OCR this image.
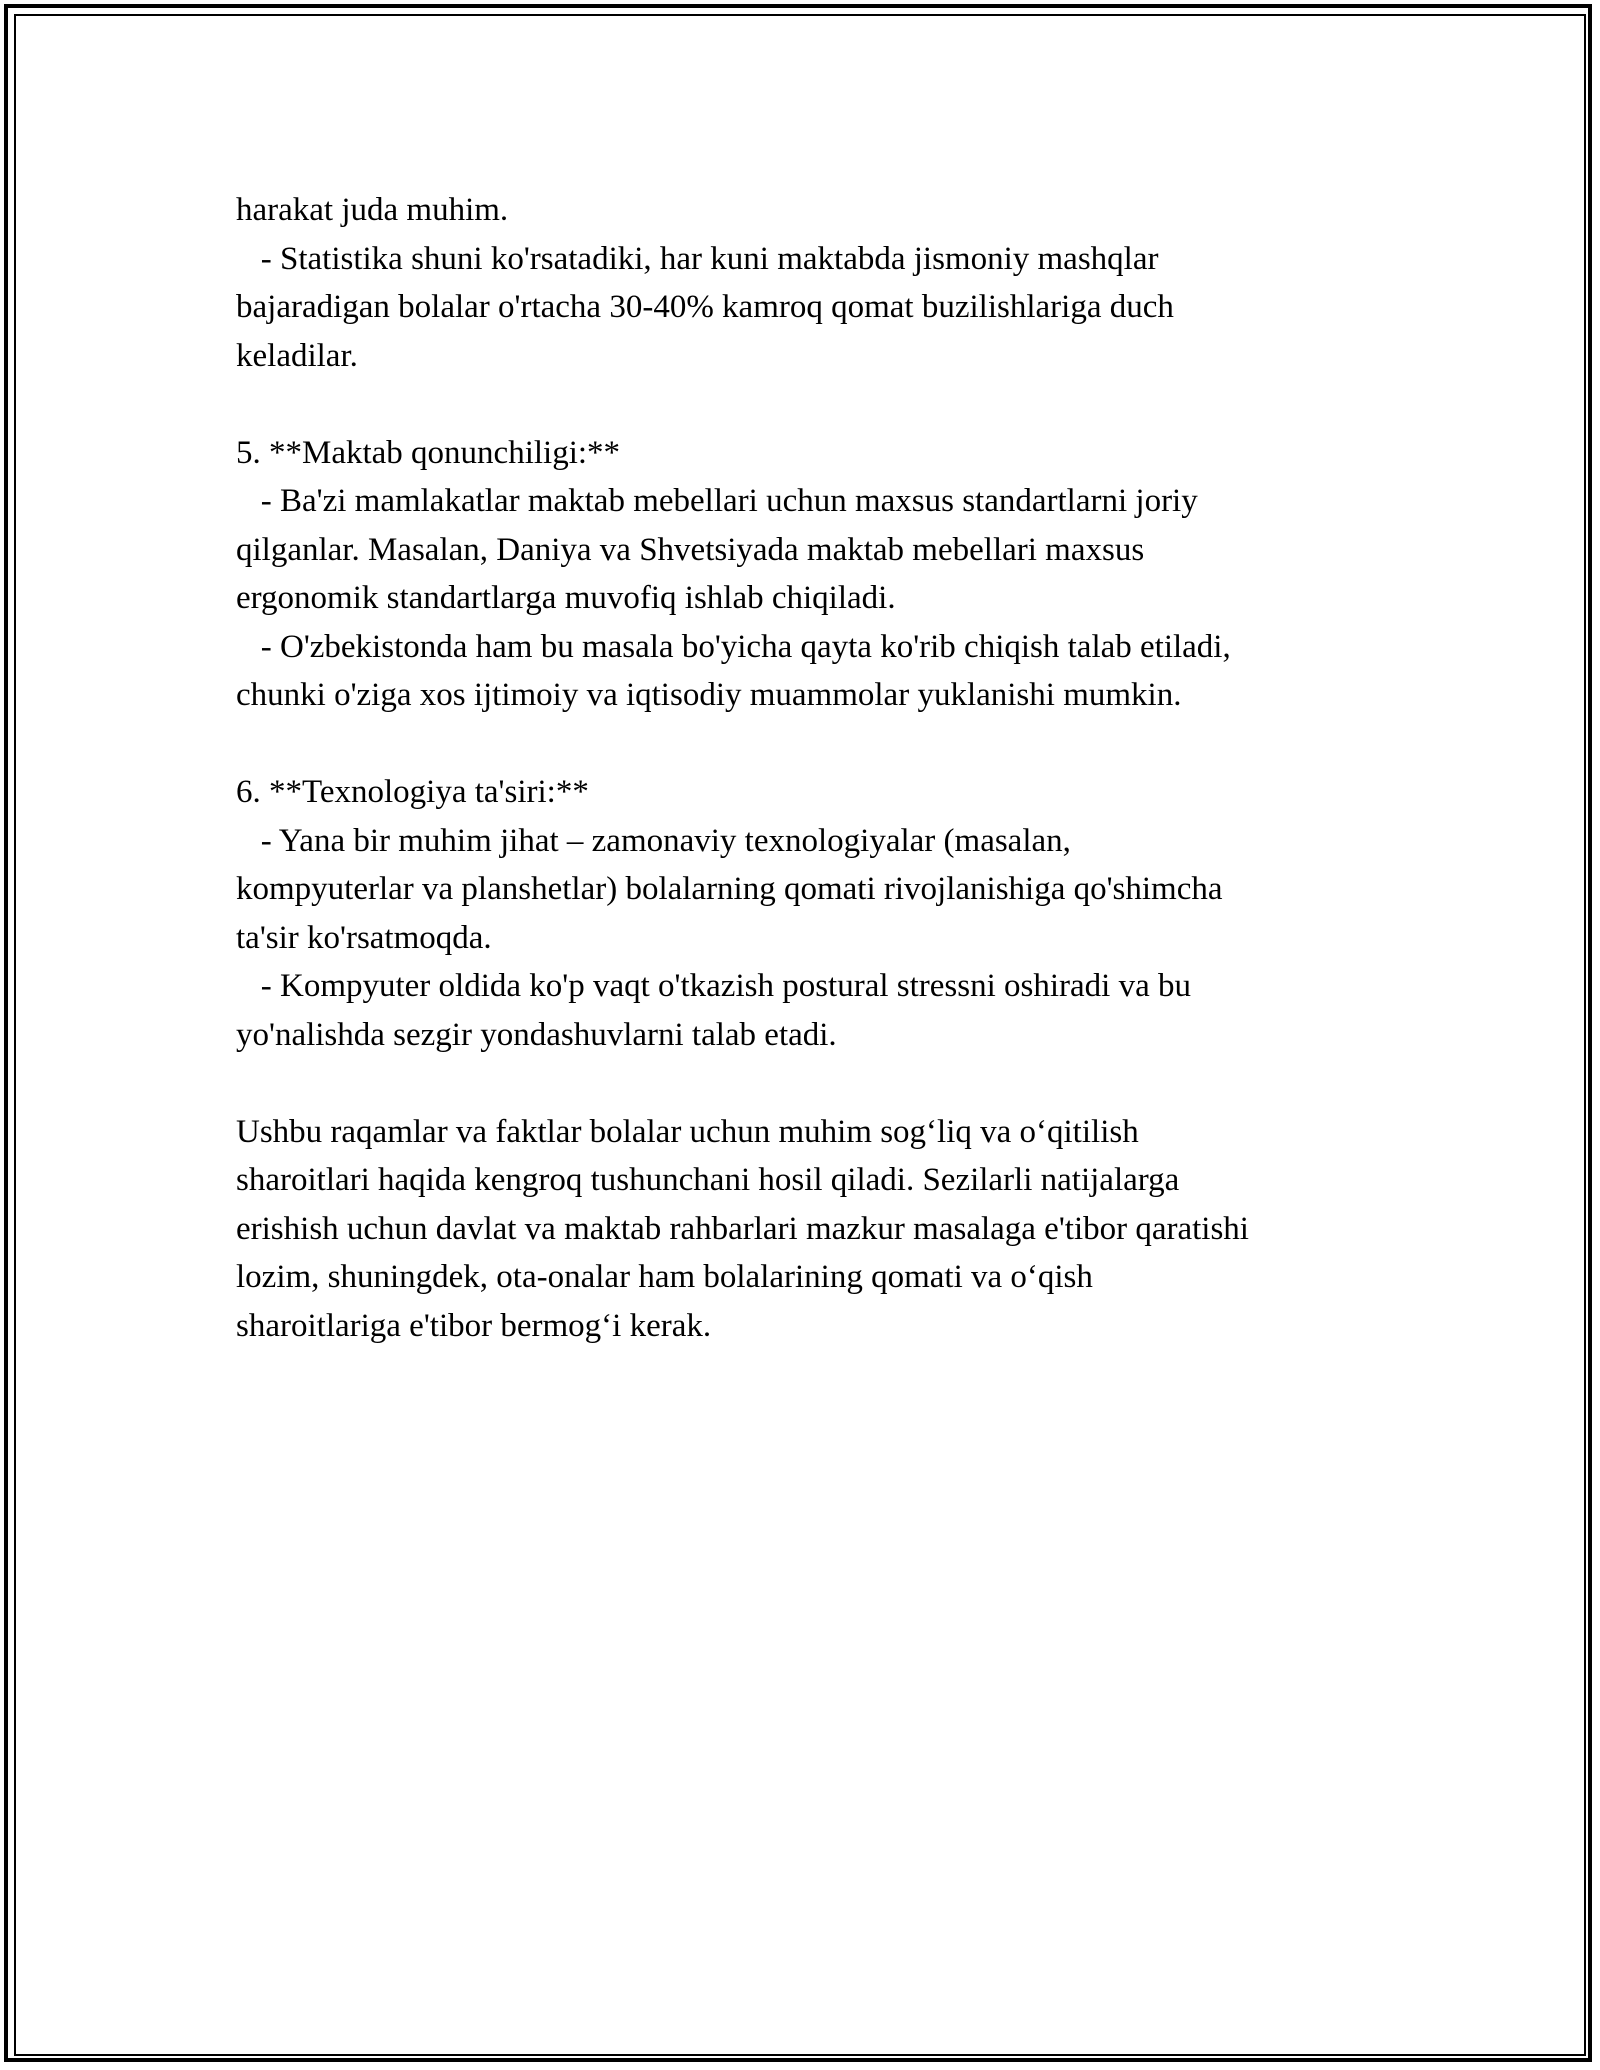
harakat juda muhim.
- Statistika shuni ko'rsatadiki, har kuni maktabda jismoniy mashqlar
bajaradigan bolalar o'rtacha 30-40% kamroq qomat buzilishlariga duch
keladilar.
5. **Maktab qonunchiligi:**
- Ba'zi mamlakatlar maktab mebellari uchun maxsus standartlarni joriy
qilganlar. Masalan, Daniya va Shvetsiyada maktab mebellari maxsus
ergonomik standartlarga muvofiq ishlab chiqiladi.
- O'zbekistonda ham bu masala bo'yicha qayta ko'rib chiqish talab etiladi,
chunki o'ziga xos ijtimoiy va iqtisodiy muammolar yuklanishi mumkin.
6. **Texnologiya ta'siri:**
- Yana bir muhim jihat – zamonaviy texnologiyalar (masalan,
kompyuterlar va planshetlar) bolalarning qomati rivojlanishiga qo'shimcha
ta'sir ko'rsatmoqda.
- Kompyuter oldida ko'p vaqt o'tkazish postural stressni oshiradi va bu
yo'nalishda sezgir yondashuvlarni talab etadi.
Ushbu raqamlar va faktlar bolalar uchun muhim sog‘liq va o‘qitilish
sharoitlari haqida kengroq tushunchani hosil qiladi. Sezilarli natijalarga
erishish uchun davlat va maktab rahbarlari mazkur masalaga e'tibor qaratishi
lozim, shuningdek, ota-onalar ham bolalarining qomati va o‘qish
sharoitlariga e'tibor bermog‘i kerak.
